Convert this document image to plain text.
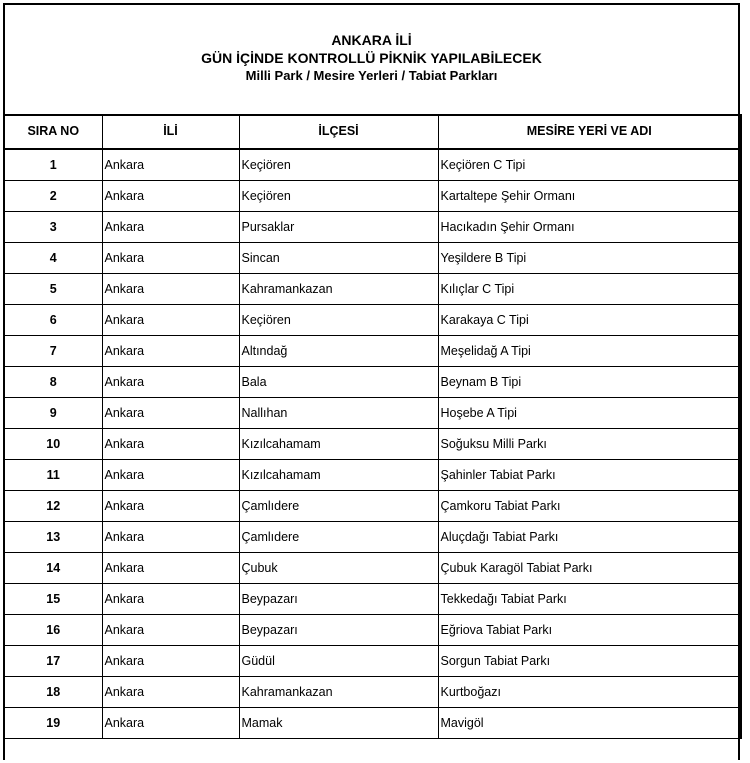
ANKARA İLİ
GÜN İÇİNDE KONTROLLÜ PİKNİK YAPILABİLECEK
Milli Park / Mesire Yerleri / Tabiat Parkları
SIRA NO	İLİ	İLÇESİ	MESİRE YERİ VE ADI
1	Ankara	Keçiören	Keçiören C Tipi
2	Ankara	Keçiören	Kartaltepe Şehir Ormanı
3	Ankara	Pursaklar	Hacıkadın Şehir Ormanı
4	Ankara	Sincan	Yeşildere B Tipi
5	Ankara	Kahramankazan	Kılıçlar C Tipi
6	Ankara	Keçiören	Karakaya C Tipi
7	Ankara	Altındağ	Meşelidağ A Tipi
8	Ankara	Bala	Beynam B Tipi
9	Ankara	Nallıhan	Hoşebe A Tipi
10	Ankara	Kızılcahamam	Soğuksu Milli Parkı
11	Ankara	Kızılcahamam	Şahinler Tabiat Parkı
12	Ankara	Çamlıdere	Çamkoru Tabiat Parkı
13	Ankara	Çamlıdere	Aluçdağı Tabiat Parkı
14	Ankara	Çubuk	Çubuk Karagöl Tabiat Parkı
15	Ankara	Beypazarı	Tekkedağı Tabiat Parkı
16	Ankara	Beypazarı	Eğriova Tabiat Parkı
17	Ankara	Güdül	Sorgun Tabiat Parkı
18	Ankara	Kahramankazan	Kurtboğazı
19	Ankara	Mamak	Mavigöl
